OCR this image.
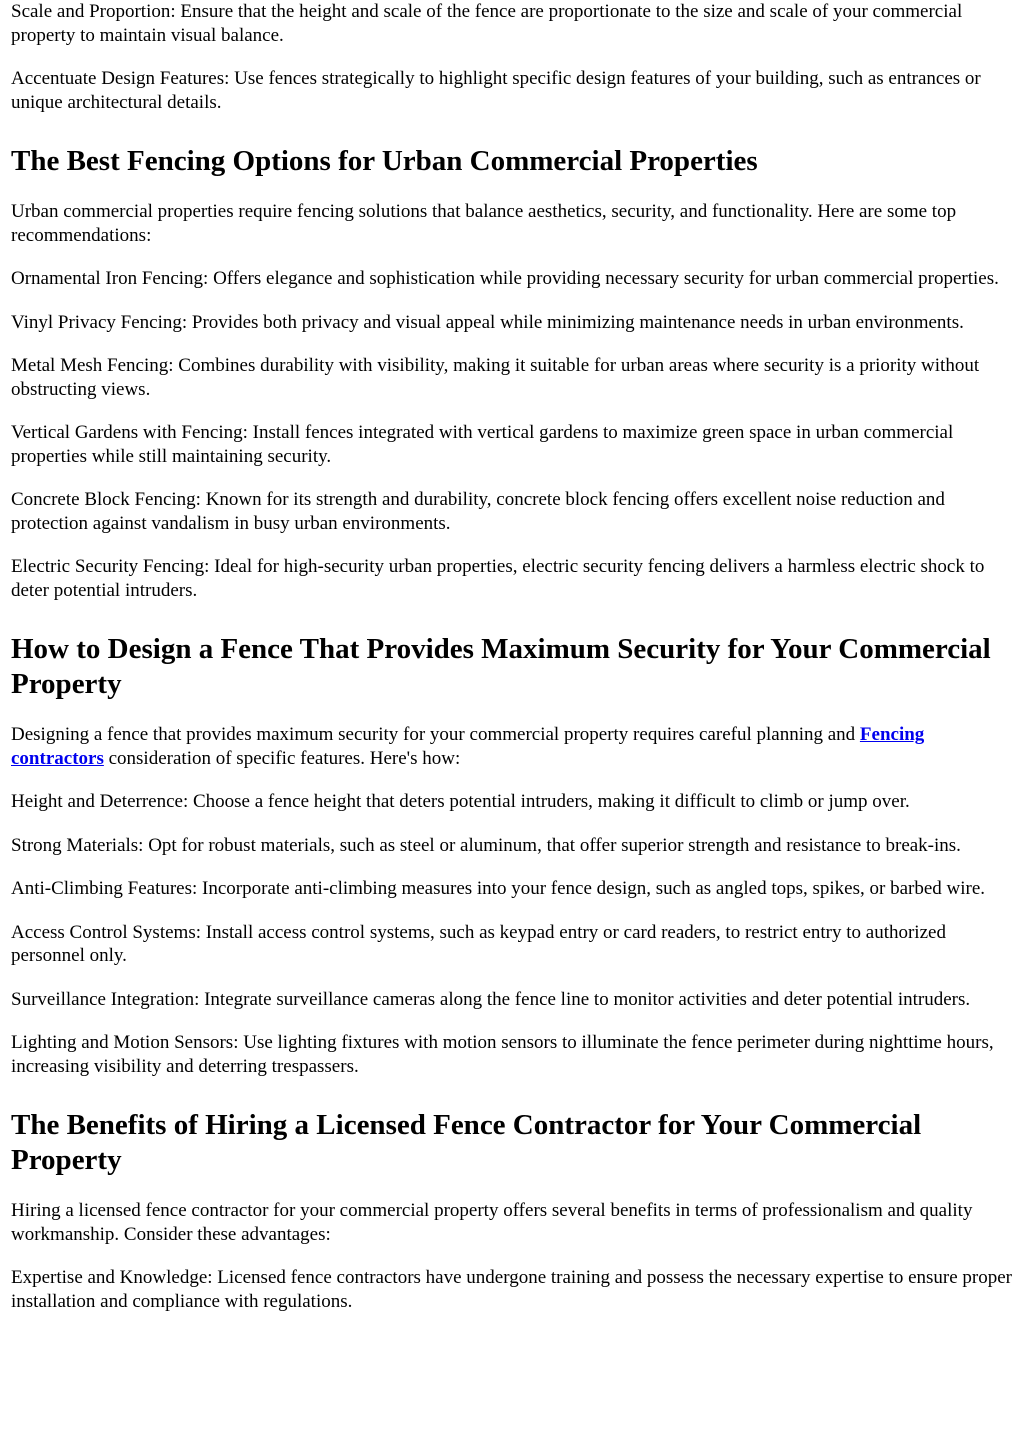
Scale and Proportion: Ensure that the height and scale of the fence are proportionate to the size and scale of your commercial property to maintain visual balance.

Accentuate Design Features: Use fences strategically to highlight specific design features of your building, such as entrances or unique architectural details.

The Best Fencing Options for Urban Commercial Properties

Urban commercial properties require fencing solutions that balance aesthetics, security, and functionality. Here are some top recommendations:

Ornamental Iron Fencing: Offers elegance and sophistication while providing necessary security for urban commercial properties.

Vinyl Privacy Fencing: Provides both privacy and visual appeal while minimizing maintenance needs in urban environments.

Metal Mesh Fencing: Combines durability with visibility, making it suitable for urban areas where security is a priority without obstructing views.

Vertical Gardens with Fencing: Install fences integrated with vertical gardens to maximize green space in urban commercial properties while still maintaining security.

Concrete Block Fencing: Known for its strength and durability, concrete block fencing offers excellent noise reduction and protection against vandalism in busy urban environments.

Electric Security Fencing: Ideal for high-security urban properties, electric security fencing delivers a harmless electric shock to deter potential intruders.

How to Design a Fence That Provides Maximum Security for Your Commercial Property

Designing a fence that provides maximum security for your commercial property requires careful planning and Fencing contractors consideration of specific features. Here's how:

Height and Deterrence: Choose a fence height that deters potential intruders, making it difficult to climb or jump over.

Strong Materials: Opt for robust materials, such as steel or aluminum, that offer superior strength and resistance to break-ins.

Anti-Climbing Features: Incorporate anti-climbing measures into your fence design, such as angled tops, spikes, or barbed wire.

Access Control Systems: Install access control systems, such as keypad entry or card readers, to restrict entry to authorized personnel only.

Surveillance Integration: Integrate surveillance cameras along the fence line to monitor activities and deter potential intruders.

Lighting and Motion Sensors: Use lighting fixtures with motion sensors to illuminate the fence perimeter during nighttime hours, increasing visibility and deterring trespassers.

The Benefits of Hiring a Licensed Fence Contractor for Your Commercial Property

Hiring a licensed fence contractor for your commercial property offers several benefits in terms of professionalism and quality workmanship. Consider these advantages:

Expertise and Knowledge: Licensed fence contractors have undergone training and possess the necessary expertise to ensure proper installation and compliance with regulations.
